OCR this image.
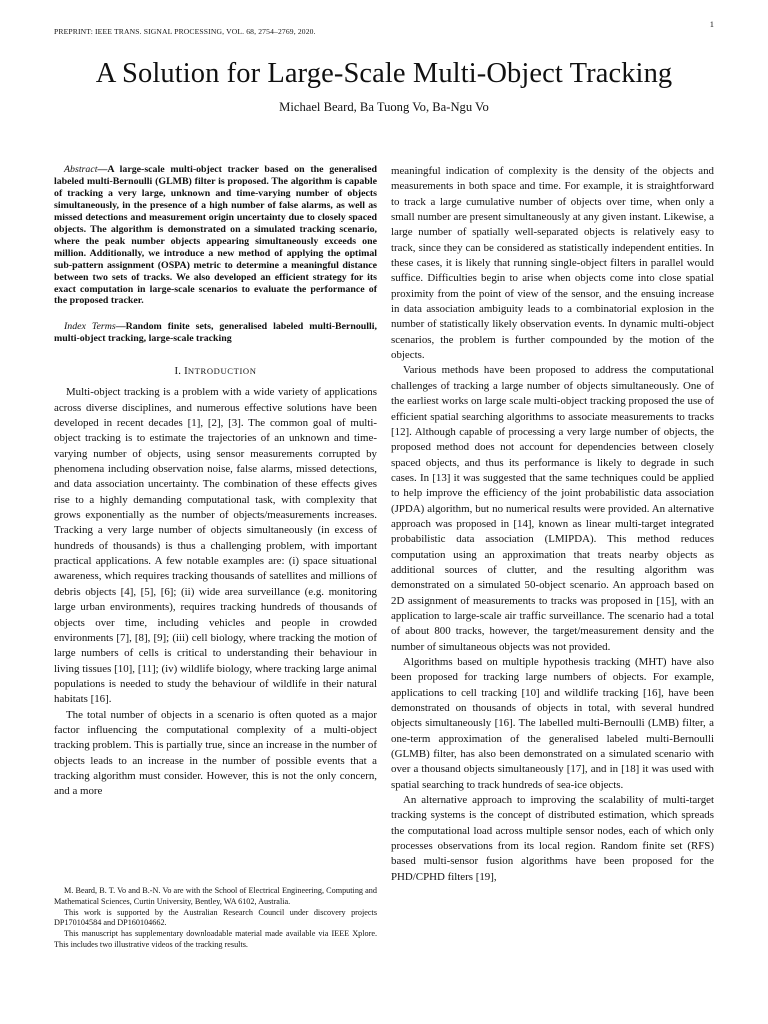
PREPRINT: IEEE TRANS. SIGNAL PROCESSING, VOL. 68, 2754–2769, 2020.
1
A Solution for Large-Scale Multi-Object Tracking
Michael Beard, Ba Tuong Vo, Ba-Ngu Vo

Abstract—A large-scale multi-object tracker based on the generalised labeled multi-Bernoulli (GLMB) filter is proposed. The algorithm is capable of tracking a very large, unknown and time-varying number of objects simultaneously, in the presence of a high number of false alarms, as well as missed detections and measurement origin uncertainty due to closely spaced objects. The algorithm is demonstrated on a simulated tracking scenario, where the peak number objects appearing simultaneously exceeds one million. Additionally, we introduce a new method of applying the optimal sub-pattern assignment (OSPA) metric to determine a meaningful distance between two sets of tracks. We also developed an efficient strategy for its exact computation in large-scale scenarios to evaluate the performance of the proposed tracker.

Index Terms—Random finite sets, generalised labeled multi-Bernoulli, multi-object tracking, large-scale tracking

I. INTRODUCTION

Multi-object tracking is a problem with a wide variety of applications across diverse disciplines, and numerous effective solutions have been developed in recent decades [1], [2], [3]. The common goal of multi-object tracking is to estimate the trajectories of an unknown and time-varying number of objects, using sensor measurements corrupted by phenomena including observation noise, false alarms, missed detections, and data association uncertainty. The combination of these effects gives rise to a highly demanding computational task, with complexity that grows exponentially as the number of objects/measurements increases. Tracking a very large number of objects simultaneously (in excess of hundreds of thousands) is thus a challenging problem, with important practical applications. A few notable examples are: (i) space situational awareness, which requires tracking thousands of satellites and millions of debris objects [4], [5], [6]; (ii) wide area surveillance (e.g. monitoring large urban environments), requires tracking hundreds of thousands of objects over time, including vehicles and people in crowded environments [7], [8], [9]; (iii) cell biology, where tracking the motion of large numbers of cells is critical to understanding their behaviour in living tissues [10], [11]; (iv) wildlife biology, where tracking large animal populations is needed to study the behaviour of wildlife in their natural habitats [16].

The total number of objects in a scenario is often quoted as a major factor influencing the computational complexity of a multi-object tracking problem. This is partially true, since an increase in the number of objects leads to an increase in the number of possible events that a tracking algorithm must consider. However, this is not the only concern, and a more

M. Beard, B. T. Vo and B.-N. Vo are with the School of Electrical Engineering, Computing and Mathematical Sciences, Curtin University, Bentley, WA 6102, Australia.

This work is supported by the Australian Research Council under discovery projects DP170104584 and DP160104662.

This manuscript has supplementary downloadable material made available via IEEE Xplore. This includes two illustrative videos of the tracking results.

meaningful indication of complexity is the density of the objects and measurements in both space and time. For example, it is straightforward to track a large cumulative number of objects over time, when only a small number are present simultaneously at any given instant. Likewise, a large number of spatially well-separated objects is relatively easy to track, since they can be considered as statistically independent entities. In these cases, it is likely that running single-object filters in parallel would suffice. Difficulties begin to arise when objects come into close spatial proximity from the point of view of the sensor, and the ensuing increase in data association ambiguity leads to a combinatorial explosion in the number of statistically likely observation events. In dynamic multi-object scenarios, the problem is further compounded by the motion of the objects.

Various methods have been proposed to address the computational challenges of tracking a large number of objects simultaneously. One of the earliest works on large scale multi-object tracking proposed the use of efficient spatial searching algorithms to associate measurements to tracks [12]. Although capable of processing a very large number of objects, the proposed method does not account for dependencies between closely spaced objects, and thus its performance is likely to degrade in such cases. In [13] it was suggested that the same techniques could be applied to help improve the efficiency of the joint probabilistic data association (JPDA) algorithm, but no numerical results were provided. An alternative approach was proposed in [14], known as linear multi-target integrated probabilistic data association (LMIPDA). This method reduces computation using an approximation that treats nearby objects as additional sources of clutter, and the resulting algorithm was demonstrated on a simulated 50-object scenario. An approach based on 2D assignment of measurements to tracks was proposed in [15], with an application to large-scale air traffic surveillance. The scenario had a total of about 800 tracks, however, the target/measurement density and the number of simultaneous objects was not provided.

Algorithms based on multiple hypothesis tracking (MHT) have also been proposed for tracking large numbers of objects. For example, applications to cell tracking [10] and wildlife tracking [16], have been demonstrated on thousands of objects in total, with several hundred objects simultaneously [16]. The labelled multi-Bernoulli (LMB) filter, a one-term approximation of the generalised labeled multi-Bernoulli (GLMB) filter, has also been demonstrated on a simulated scenario with over a thousand objects simultaneously [17], and in [18] it was used with spatial searching to track hundreds of sea-ice objects.

An alternative approach to improving the scalability of multi-target tracking systems is the concept of distributed estimation, which spreads the computational load across multiple sensor nodes, each of which only processes observations from its local region. Random finite set (RFS) based multi-sensor fusion algorithms have been proposed for the PHD/CPHD filters [19],
